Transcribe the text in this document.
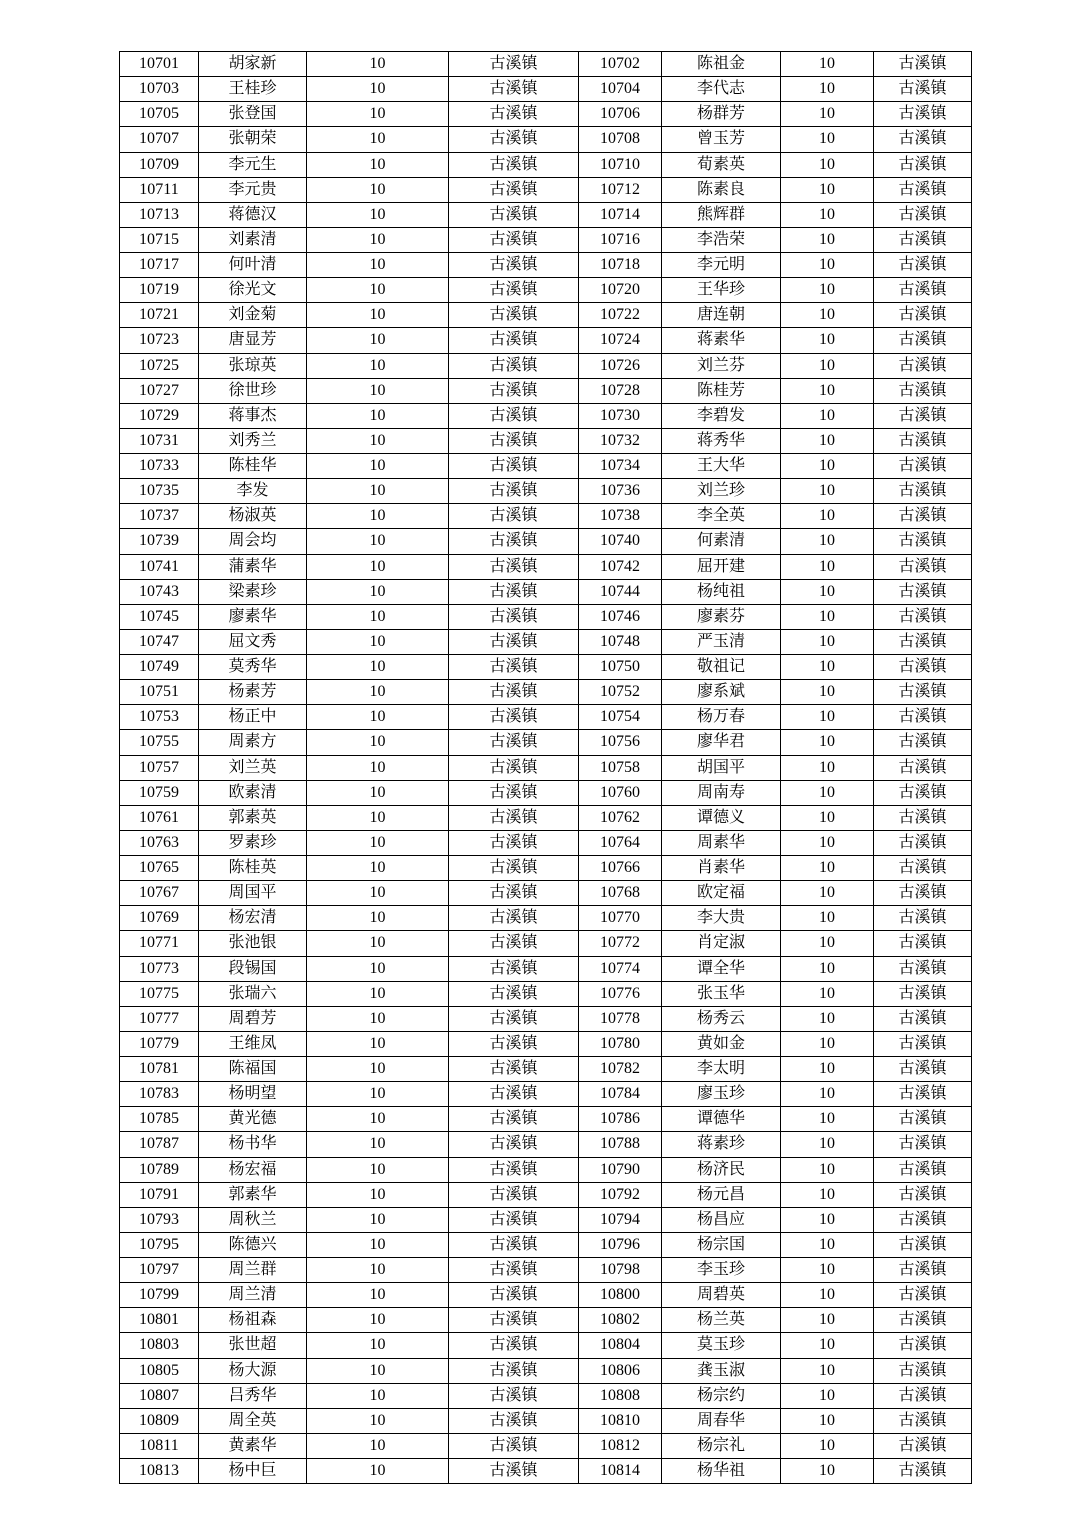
10701	胡家新	10	古溪镇	10702	陈祖金	10	古溪镇
10703	王桂珍	10	古溪镇	10704	李代志	10	古溪镇
10705	张登国	10	古溪镇	10706	杨群芳	10	古溪镇
10707	张朝荣	10	古溪镇	10708	曾玉芳	10	古溪镇
10709	李元生	10	古溪镇	10710	荀素英	10	古溪镇
10711	李元贵	10	古溪镇	10712	陈素良	10	古溪镇
10713	蒋德汉	10	古溪镇	10714	熊辉群	10	古溪镇
10715	刘素清	10	古溪镇	10716	李浩荣	10	古溪镇
10717	何叶清	10	古溪镇	10718	李元明	10	古溪镇
10719	徐光文	10	古溪镇	10720	王华珍	10	古溪镇
10721	刘金菊	10	古溪镇	10722	唐连朝	10	古溪镇
10723	唐显芳	10	古溪镇	10724	蒋素华	10	古溪镇
10725	张琼英	10	古溪镇	10726	刘兰芬	10	古溪镇
10727	徐世珍	10	古溪镇	10728	陈桂芳	10	古溪镇
10729	蒋事杰	10	古溪镇	10730	李碧发	10	古溪镇
10731	刘秀兰	10	古溪镇	10732	蒋秀华	10	古溪镇
10733	陈桂华	10	古溪镇	10734	王大华	10	古溪镇
10735	李发	10	古溪镇	10736	刘兰珍	10	古溪镇
10737	杨淑英	10	古溪镇	10738	李全英	10	古溪镇
10739	周会均	10	古溪镇	10740	何素清	10	古溪镇
10741	蒲素华	10	古溪镇	10742	屈开建	10	古溪镇
10743	梁素珍	10	古溪镇	10744	杨纯祖	10	古溪镇
10745	廖素华	10	古溪镇	10746	廖素芬	10	古溪镇
10747	屈文秀	10	古溪镇	10748	严玉清	10	古溪镇
10749	莫秀华	10	古溪镇	10750	敬祖记	10	古溪镇
10751	杨素芳	10	古溪镇	10752	廖系斌	10	古溪镇
10753	杨正中	10	古溪镇	10754	杨万春	10	古溪镇
10755	周素方	10	古溪镇	10756	廖华君	10	古溪镇
10757	刘兰英	10	古溪镇	10758	胡国平	10	古溪镇
10759	欧素清	10	古溪镇	10760	周南寿	10	古溪镇
10761	郭素英	10	古溪镇	10762	谭德义	10	古溪镇
10763	罗素珍	10	古溪镇	10764	周素华	10	古溪镇
10765	陈桂英	10	古溪镇	10766	肖素华	10	古溪镇
10767	周国平	10	古溪镇	10768	欧定福	10	古溪镇
10769	杨宏清	10	古溪镇	10770	李大贵	10	古溪镇
10771	张池银	10	古溪镇	10772	肖定淑	10	古溪镇
10773	段锡国	10	古溪镇	10774	谭全华	10	古溪镇
10775	张瑞六	10	古溪镇	10776	张玉华	10	古溪镇
10777	周碧芳	10	古溪镇	10778	杨秀云	10	古溪镇
10779	王维凤	10	古溪镇	10780	黄如金	10	古溪镇
10781	陈福国	10	古溪镇	10782	李太明	10	古溪镇
10783	杨明望	10	古溪镇	10784	廖玉珍	10	古溪镇
10785	黄光德	10	古溪镇	10786	谭德华	10	古溪镇
10787	杨书华	10	古溪镇	10788	蒋素珍	10	古溪镇
10789	杨宏福	10	古溪镇	10790	杨济民	10	古溪镇
10791	郭素华	10	古溪镇	10792	杨元昌	10	古溪镇
10793	周秋兰	10	古溪镇	10794	杨昌应	10	古溪镇
10795	陈德兴	10	古溪镇	10796	杨宗国	10	古溪镇
10797	周兰群	10	古溪镇	10798	李玉珍	10	古溪镇
10799	周兰清	10	古溪镇	10800	周碧英	10	古溪镇
10801	杨祖森	10	古溪镇	10802	杨兰英	10	古溪镇
10803	张世超	10	古溪镇	10804	莫玉珍	10	古溪镇
10805	杨大源	10	古溪镇	10806	龚玉淑	10	古溪镇
10807	吕秀华	10	古溪镇	10808	杨宗约	10	古溪镇
10809	周全英	10	古溪镇	10810	周春华	10	古溪镇
10811	黄素华	10	古溪镇	10812	杨宗礼	10	古溪镇
10813	杨中巨	10	古溪镇	10814	杨华祖	10	古溪镇
